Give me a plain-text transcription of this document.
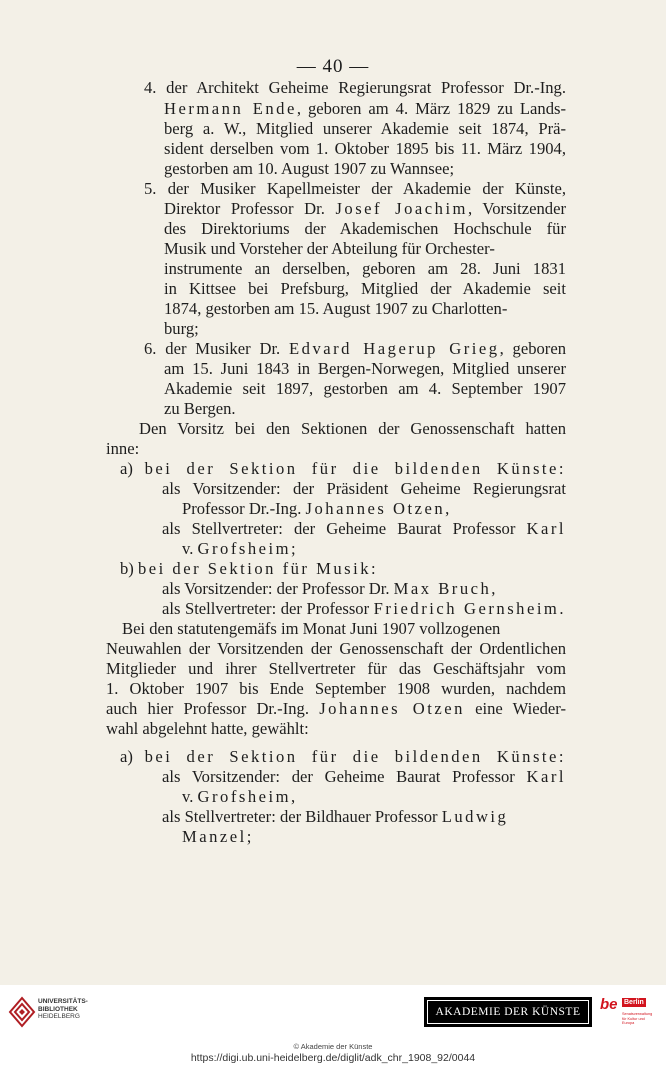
— 40 —
4. der Architekt Geheime Regierungsrat Professor Dr.-Ing.
Hermann Ende, geboren am 4. März 1829 zu Lands-
berg a. W., Mitglied unserer Akademie seit 1874, Prä-
sident derselben vom 1. Oktober 1895 bis 11. März 1904,
gestorben am 10. August 1907 zu Wannsee;
5. der Musiker Kapellmeister der Akademie der Künste,
Direktor Professor Dr. Josef Joachim, Vorsitzender
des Direktoriums der Akademischen Hochschule für
Musik und Vorsteher der Abteilung für Orchester-
instrumente an derselben, geboren am 28. Juni 1831
in Kittsee bei Prefsburg, Mitglied der Akademie seit
1874, gestorben am 15. August 1907 zu Charlotten-
burg;
6. der Musiker Dr. Edvard Hagerup Grieg, geboren
am 15. Juni 1843 in Bergen-Norwegen, Mitglied unserer
Akademie seit 1897, gestorben am 4. September 1907
zu Bergen.
Den Vorsitz bei den Sektionen der Genossenschaft hatten
inne:
a) bei der Sektion für die bildenden Künste:
als Vorsitzender: der Präsident Geheime Regierungsrat
Professor Dr.-Ing. Johannes Otzen,
als Stellvertreter: der Geheime Baurat Professor Karl
v. Grofsheim;
b) bei der Sektion für Musik:
als Vorsitzender: der Professor Dr. Max Bruch,
als Stellvertreter: der Professor Friedrich Gernsheim.
Bei den statutengemäfs im Monat Juni 1907 vollzogenen
Neuwahlen der Vorsitzenden der Genossenschaft der Ordentlichen
Mitglieder und ihrer Stellvertreter für das Geschäftsjahr vom
1. Oktober 1907 bis Ende September 1908 wurden, nachdem
auch hier Professor Dr.-Ing. Johannes Otzen eine Wieder-
wahl abgelehnt hatte, gewählt:
a) bei der Sektion für die bildenden Künste:
als Vorsitzender: der Geheime Baurat Professor Karl
v. Grofsheim,
als Stellvertreter: der Bildhauer Professor Ludwig
Manzel;
UNIVERSITÄTS-
BIBLIOTHEK
HEIDELBERG	AKADEMIE DER KÜNSTE	be Berlin
Senatsverwaltung
für Kultur und Europa
© Akademie der Künste
https://digi.ub.uni-heidelberg.de/diglit/adk_chr_1908_92/0044
